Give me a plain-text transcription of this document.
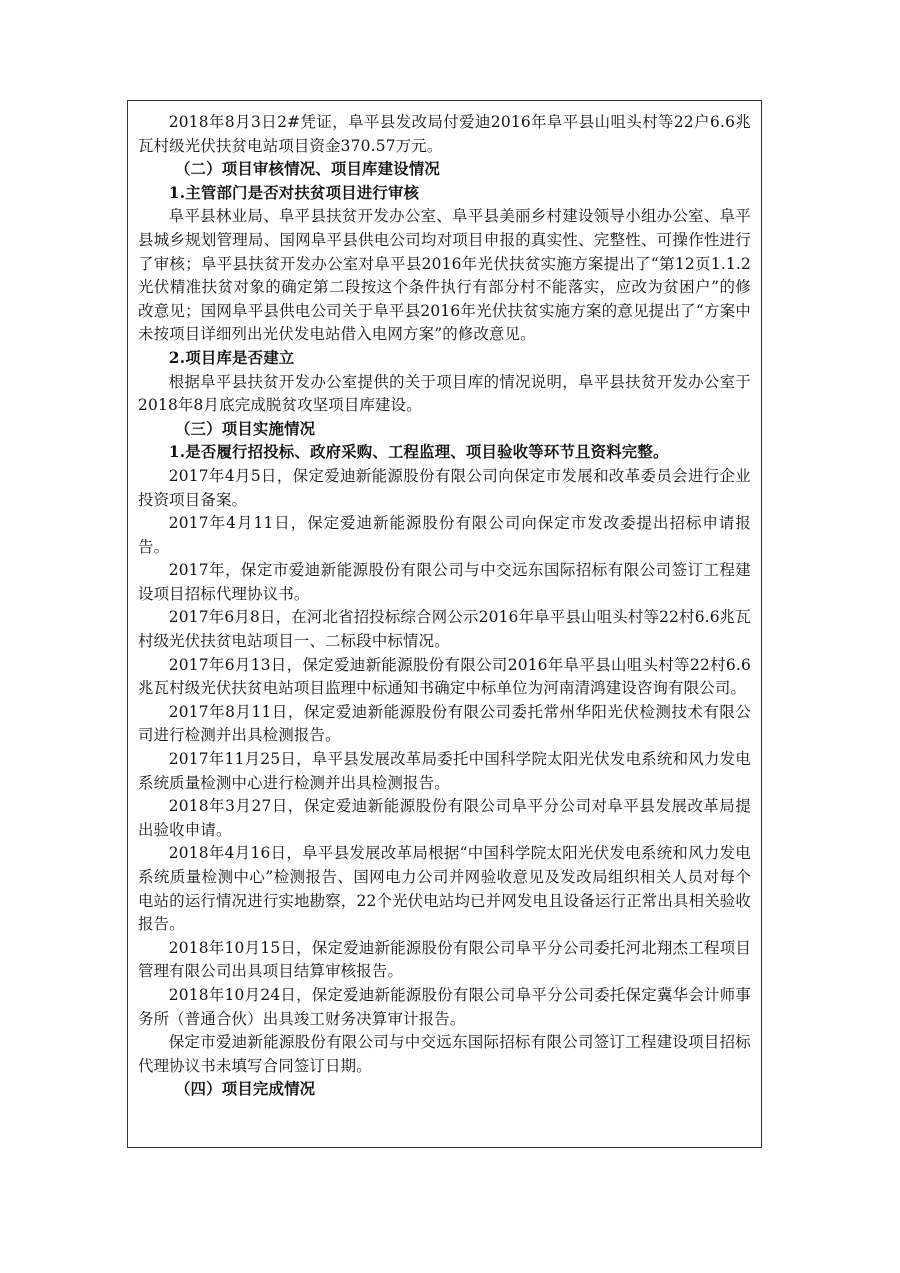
2018年8月3日2#凭证，阜平县发改局付爱迪2016年阜平县山咀头村等22户6.6兆瓦村级光伏扶贫电站项目资金370.57万元。

（二）项目审核情况、项目库建设情况

1.主管部门是否对扶贫项目进行审核

阜平县林业局、阜平县扶贫开发办公室、阜平县美丽乡村建设领导小组办公室、阜平县城乡规划管理局、国网阜平县供电公司均对项目申报的真实性、完整性、可操作性进行了审核；阜平县扶贫开发办公室对阜平县2016年光伏扶贫实施方案提出了“第12页1.1.2光伏精准扶贫对象的确定第二段按这个条件执行有部分村不能落实，应改为贫困户”的修改意见；国网阜平县供电公司关于阜平县2016年光伏扶贫实施方案的意见提出了“方案中未按项目详细列出光伏发电站借入电网方案”的修改意见。

2.项目库是否建立

根据阜平县扶贫开发办公室提供的关于项目库的情况说明，阜平县扶贫开发办公室于2018年8月底完成脱贫攻坚项目库建设。

（三）项目实施情况

1.是否履行招投标、政府采购、工程监理、项目验收等环节且资料完整。

2017年4月5日，保定爱迪新能源股份有限公司向保定市发展和改革委员会进行企业投资项目备案。

2017年4月11日，保定爱迪新能源股份有限公司向保定市发改委提出招标申请报告。

2017年，保定市爱迪新能源股份有限公司与中交远东国际招标有限公司签订工程建设项目招标代理协议书。

2017年6月8日，在河北省招投标综合网公示2016年阜平县山咀头村等22村6.6兆瓦村级光伏扶贫电站项目一、二标段中标情况。

2017年6月13日，保定爱迪新能源股份有限公司2016年阜平县山咀头村等22村6.6兆瓦村级光伏扶贫电站项目监理中标通知书确定中标单位为河南清鸿建设咨询有限公司。

2017年8月11日，保定爱迪新能源股份有限公司委托常州华阳光伏检测技术有限公司进行检测并出具检测报告。

2017年11月25日，阜平县发展改革局委托中国科学院太阳光伏发电系统和风力发电系统质量检测中心进行检测并出具检测报告。

2018年3月27日，保定爱迪新能源股份有限公司阜平分公司对阜平县发展改革局提出验收申请。

2018年4月16日，阜平县发展改革局根据“中国科学院太阳光伏发电系统和风力发电系统质量检测中心”检测报告、国网电力公司并网验收意见及发改局组织相关人员对每个电站的运行情况进行实地勘察，22个光伏电站均已并网发电且设备运行正常出具相关验收报告。

2018年10月15日，保定爱迪新能源股份有限公司阜平分公司委托河北翔杰工程项目管理有限公司出具项目结算审核报告。

2018年10月24日，保定爱迪新能源股份有限公司阜平分公司委托保定冀华会计师事务所（普通合伙）出具竣工财务决算审计报告。

保定市爱迪新能源股份有限公司与中交远东国际招标有限公司签订工程建设项目招标代理协议书未填写合同签订日期。

（四）项目完成情况
